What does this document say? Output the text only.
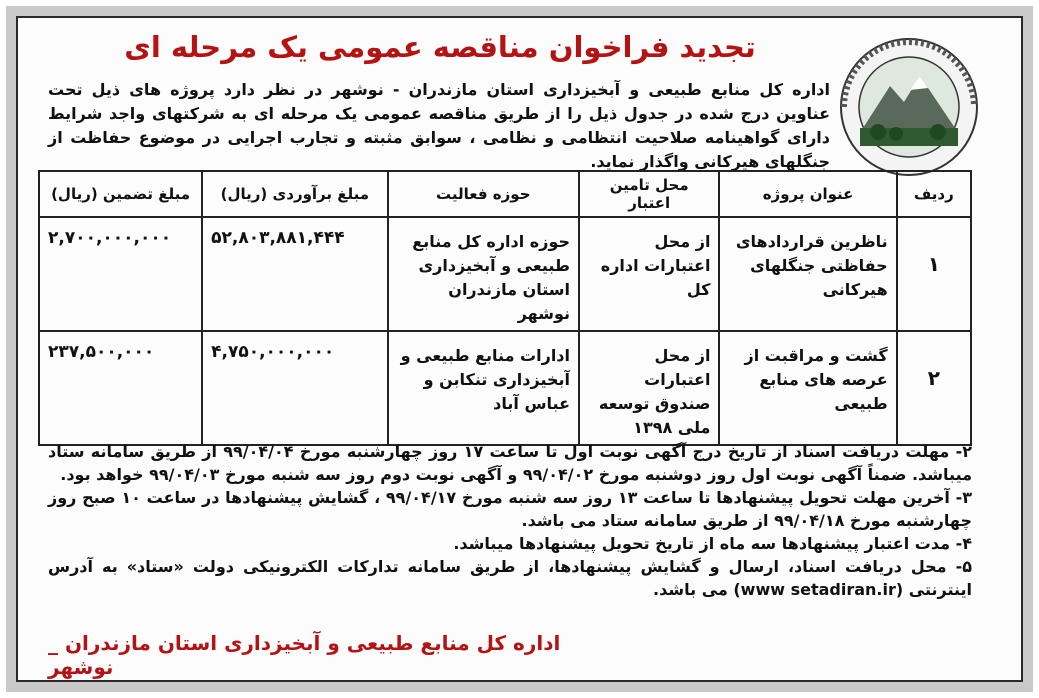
تجدید فراخوان مناقصه عمومی یک مرحله ای

اداره کل منابع طبیعی و آبخیزداری استان مازندران - نوشهر در نظر دارد پروژه های ذیل تحت عناوین درج شده در جدول ذیل را از طریق مناقصه عمومی یک مرحله ای به شرکتهای واجد شرایط دارای گواهینامه صلاحیت انتظامی و نظامی ، سوابق مثبته و تجارب اجرایی در موضوع حفاظت از جنگلهای هیرکانی واگذار نماید.

ردیف	عنوان پروژه	محل تامین اعتبار	حوزه فعالیت	مبلغ برآوردی (ریال)	مبلغ تضمین (ریال)
۱	ناظرین قراردادهای حفاظتی جنگلهای هیرکانی	از محل اعتبارات اداره کل	حوزه اداره کل منابع طبیعی و آبخیزداری استان مازندران نوشهر	۵۲,۸۰۳,۸۸۱,۴۴۴	۲,۷۰۰,۰۰۰,۰۰۰
۲	گشت و مراقبت از عرصه های منابع طبیعی	از محل اعتبارات صندوق توسعه ملی ۱۳۹۸	ادارات منابع طبیعی و آبخیزداری تنکابن و عباس آباد	۴,۷۵۰,۰۰۰,۰۰۰	۲۳۷,۵۰۰,۰۰۰

۲- مهلت دریافت اسناد از تاریخ درج آگهی نوبت اول تا ساعت ۱۷ روز چهارشنبه مورخ ۹۹/۰۴/۰۴ از طریق سامانه ستاد میباشد. ضمناً آگهی نوبت اول روز دوشنبه مورخ ۹۹/۰۴/۰۲ و آگهی نوبت دوم روز سه شنبه مورخ ۹۹/۰۴/۰۳ خواهد بود.

۳- آخرین مهلت تحویل پیشنهادها تا ساعت ۱۳ روز سه شنبه مورخ ۹۹/۰۴/۱۷ ، گشایش پیشنهادها در ساعت ۱۰ صبح روز چهارشنبه مورخ ۹۹/۰۴/۱۸ از طریق سامانه ستاد می باشد.

۴- مدت اعتبار پیشنهادها سه ماه از تاریخ تحویل پیشنهادها میباشد.

۵- محل دریافت اسناد، ارسال و گشایش پیشنهادها، از طریق سامانه تدارکات الکترونیکی دولت «ستاد» به آدرس اینترنتی (www setadiran.ir) می باشد.

اداره کل منابع طبیعی و آبخیزداری استان مازندران _ نوشهر
